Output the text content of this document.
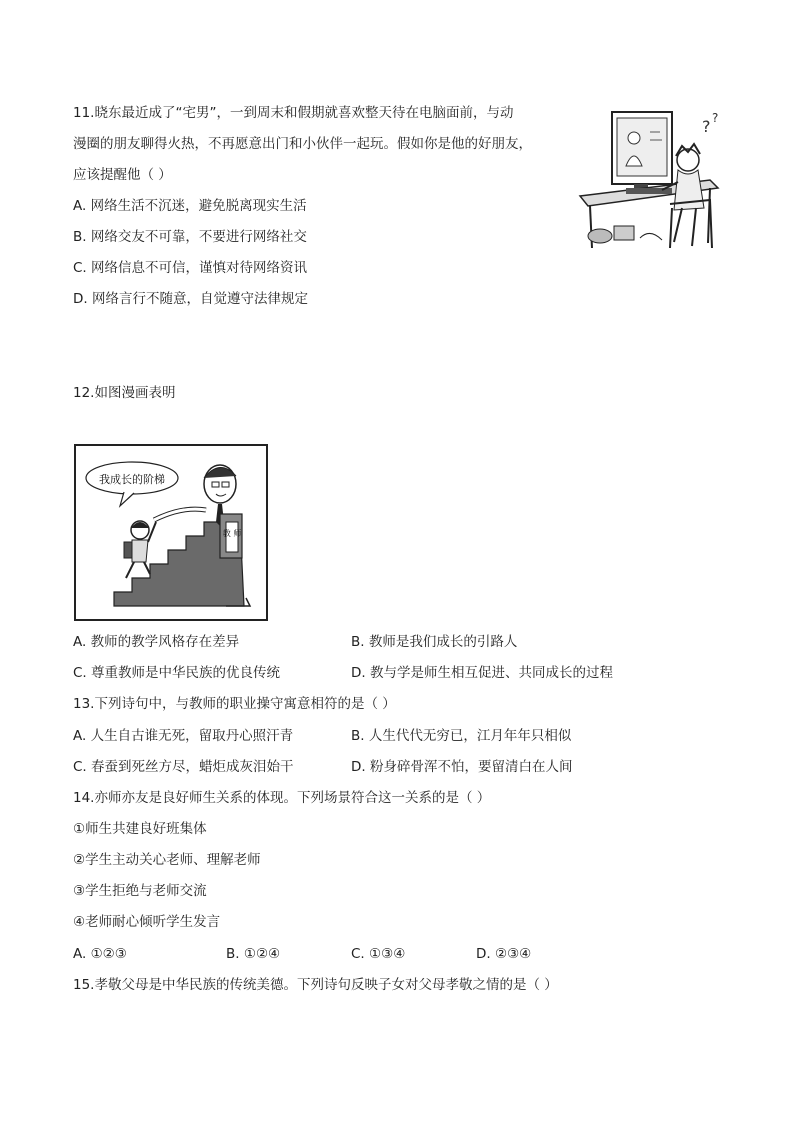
11.晓东最近成了“宅男”，一到周末和假期就喜欢整天待在电脑面前，与动
漫圈的朋友聊得火热，不再愿意出门和小伙伴一起玩。假如你是他的好朋友，
应该提醒他（ ）
A. 网络生活不沉迷，避免脱离现实生活
B. 网络交友不可靠，不要进行网络社交
C. 网络信息不可信，谨慎对待网络资讯
D. 网络言行不随意，自觉遵守法律规定
? ?
12.如图漫画表明
我成长的阶梯
教 师
A. 教师的教学风格存在差异	B. 教师是我们成长的引路人
C. 尊重教师是中华民族的优良传统	D. 教与学是师生相互促进、共同成长的过程
13.下列诗句中，与教师的职业操守寓意相符的是（ ）
A. 人生自古谁无死，留取丹心照汗青	B. 人生代代无穷已，江月年年只相似
C. 春蚕到死丝方尽，蜡炬成灰泪始干	D. 粉身碎骨浑不怕，要留清白在人间
14.亦师亦友是良好师生关系的体现。下列场景符合这一关系的是（ ）
①师生共建良好班集体
②学生主动关心老师、理解老师
③学生拒绝与老师交流
④老师耐心倾听学生发言
A. ①②③	B. ①②④	C. ①③④	D. ②③④
15.孝敬父母是中华民族的传统美德。下列诗句反映子女对父母孝敬之情的是（ ）
